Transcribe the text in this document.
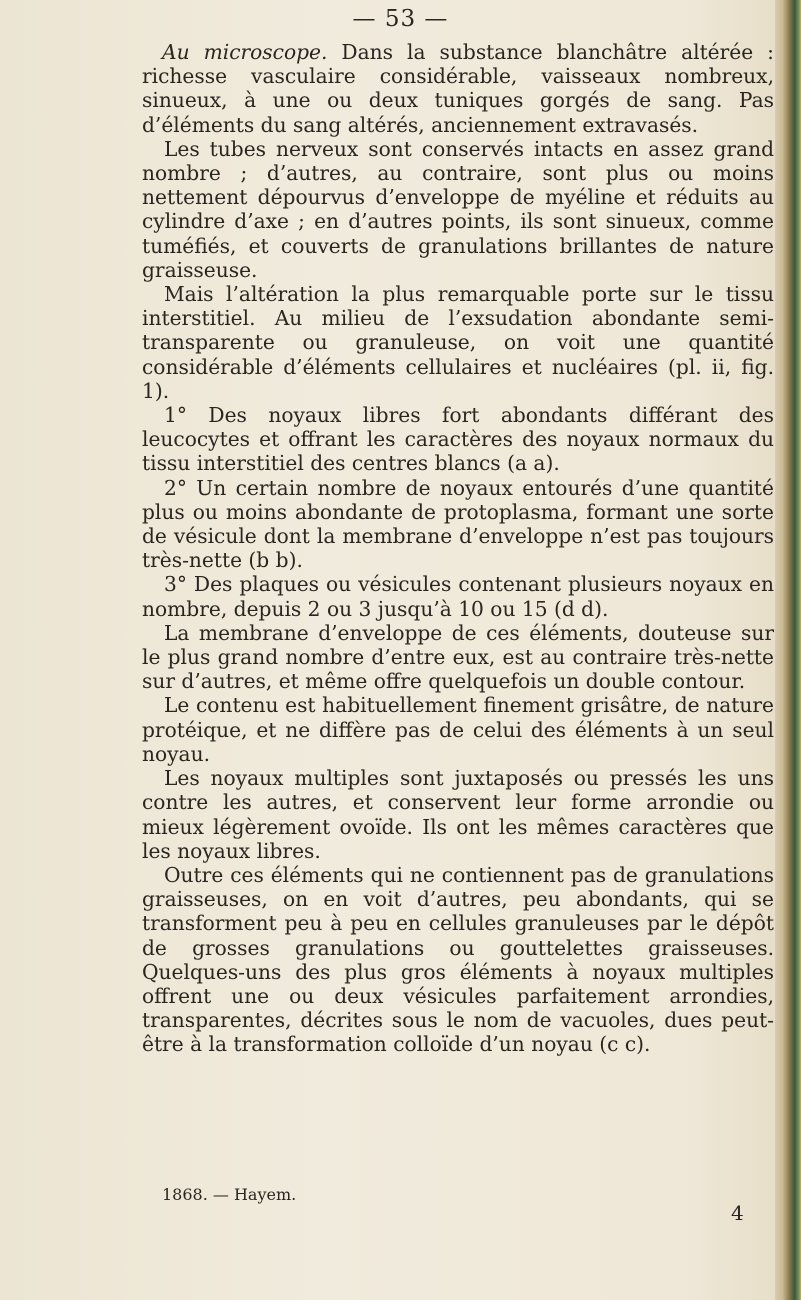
— 53 —

Au microscope. Dans la substance blanchâtre altérée : richesse vasculaire considérable, vaisseaux nombreux, sinueux, à une ou deux tuniques gorgés de sang. Pas d’éléments du sang altérés, anciennement extravasés.

Les tubes nerveux sont conservés intacts en assez grand nombre ; d’autres, au contraire, sont plus ou moins nettement dépourvus d’enveloppe de myéline et réduits au cylindre d’axe ; en d’autres points, ils sont sinueux, comme tuméfiés, et couverts de granulations brillantes de nature graisseuse.

Mais l’altération la plus remarquable porte sur le tissu interstitiel. Au milieu de l’exsudation abondante semi-transparente ou granuleuse, on voit une quantité considérable d’éléments cellulaires et nucléaires (pl. ii, fig. 1).

1° Des noyaux libres fort abondants différant des leucocytes et offrant les caractères des noyaux normaux du tissu interstitiel des centres blancs (a a).

2° Un certain nombre de noyaux entourés d’une quantité plus ou moins abondante de protoplasma, formant une sorte de vésicule dont la membrane d’enveloppe n’est pas toujours très-nette (b b).

3° Des plaques ou vésicules contenant plusieurs noyaux en nombre, depuis 2 ou 3 jusqu’à 10 ou 15 (d d).

La membrane d’enveloppe de ces éléments, douteuse sur le plus grand nombre d’entre eux, est au contraire très-nette sur d’autres, et même offre quelquefois un double contour.

Le contenu est habituellement finement grisâtre, de nature protéique, et ne diffère pas de celui des éléments à un seul noyau.

Les noyaux multiples sont juxtaposés ou pressés les uns contre les autres, et conservent leur forme arrondie ou mieux légèrement ovoïde. Ils ont les mêmes caractères que les noyaux libres.

Outre ces éléments qui ne contiennent pas de granulations graisseuses, on en voit d’autres, peu abondants, qui se transforment peu à peu en cellules granuleuses par le dépôt de grosses granulations ou gouttelettes graisseuses. Quelques-uns des plus gros éléments à noyaux multiples offrent une ou deux vésicules parfaitement arrondies, transparentes, décrites sous le nom de vacuoles, dues peut-être à la transformation colloïde d’un noyau (c c).

1868. — Hayem.
4
